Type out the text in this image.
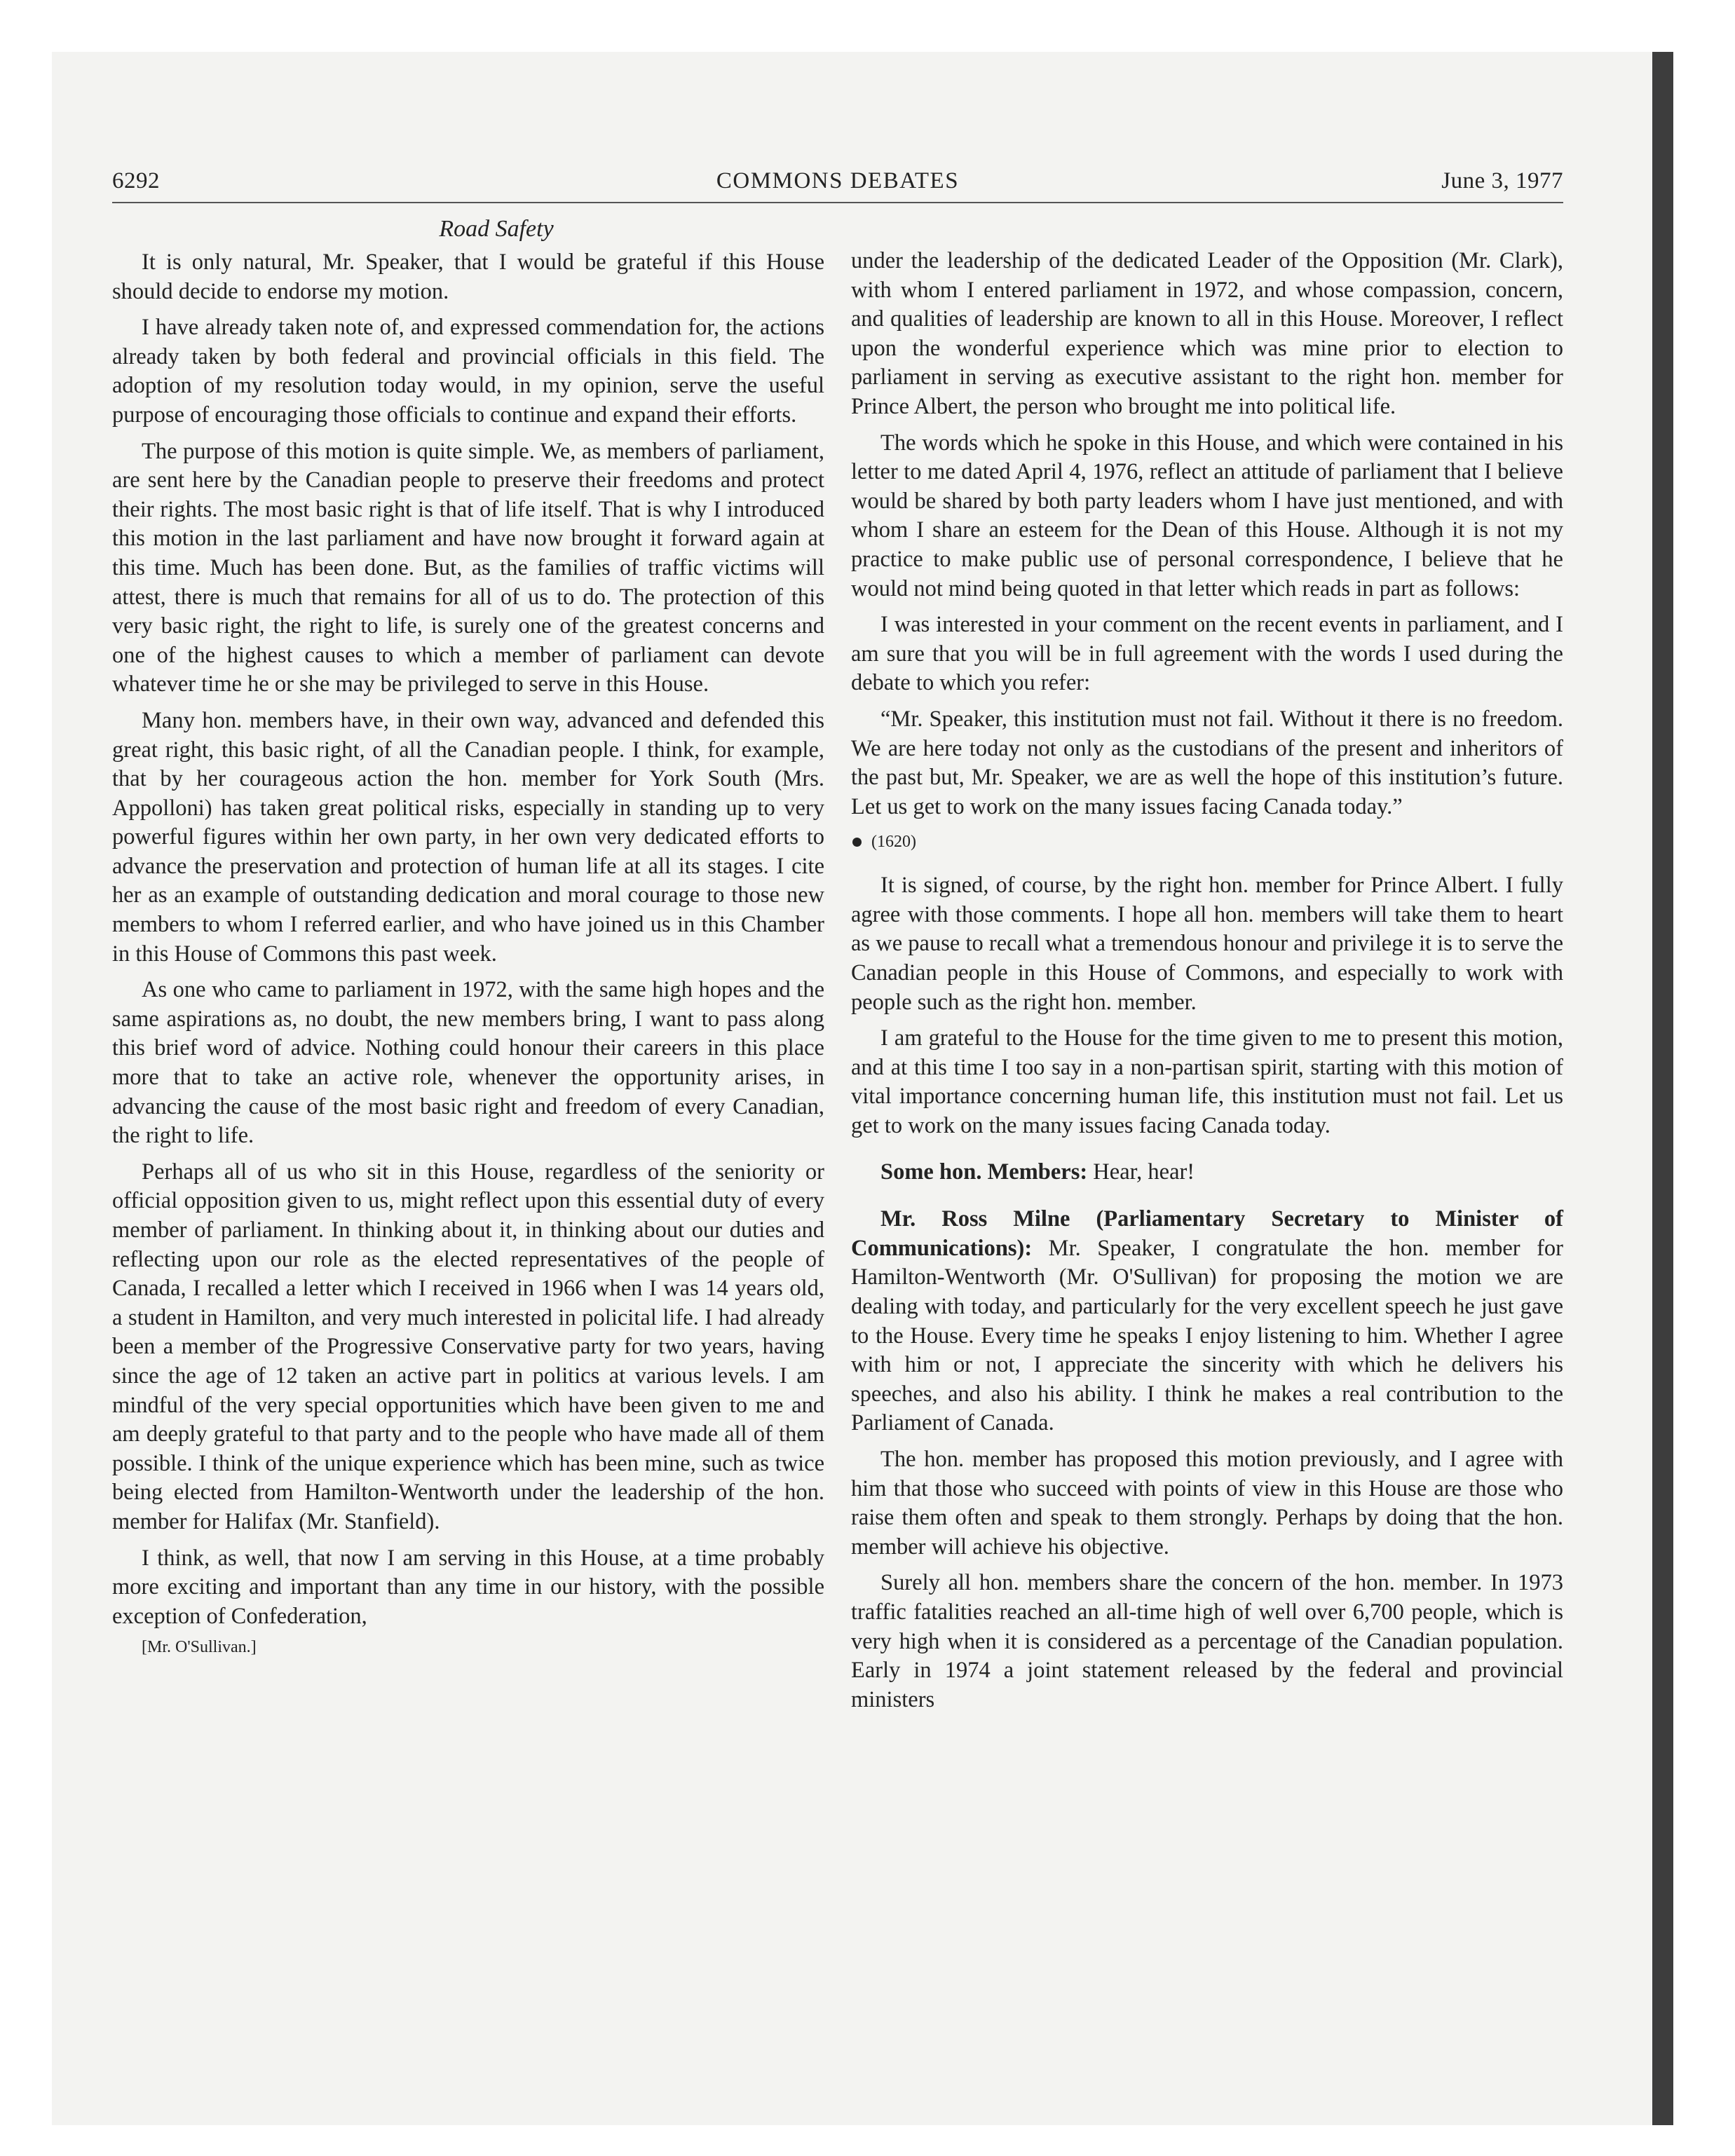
6292	COMMONS DEBATES	June 3, 1977
Road Safety

It is only natural, Mr. Speaker, that I would be grateful if this House should decide to endorse my motion.

I have already taken note of, and expressed commendation for, the actions already taken by both federal and provincial officials in this field. The adoption of my resolution today would, in my opinion, serve the useful purpose of encouraging those officials to continue and expand their efforts.

The purpose of this motion is quite simple. We, as members of parliament, are sent here by the Canadian people to preserve their freedoms and protect their rights. The most basic right is that of life itself. That is why I introduced this motion in the last parliament and have now brought it forward again at this time. Much has been done. But, as the families of traffic victims will attest, there is much that remains for all of us to do. The protection of this very basic right, the right to life, is surely one of the greatest concerns and one of the highest causes to which a member of parliament can devote whatever time he or she may be privileged to serve in this House.

Many hon. members have, in their own way, advanced and defended this great right, this basic right, of all the Canadian people. I think, for example, that by her courageous action the hon. member for York South (Mrs. Appolloni) has taken great political risks, especially in standing up to very powerful figures within her own party, in her own very dedicated efforts to advance the preservation and protection of human life at all its stages. I cite her as an example of outstanding dedication and moral courage to those new members to whom I referred earlier, and who have joined us in this Chamber in this House of Commons this past week.

As one who came to parliament in 1972, with the same high hopes and the same aspirations as, no doubt, the new members bring, I want to pass along this brief word of advice. Nothing could honour their careers in this place more that to take an active role, whenever the opportunity arises, in advancing the cause of the most basic right and freedom of every Canadian, the right to life.

Perhaps all of us who sit in this House, regardless of the seniority or official opposition given to us, might reflect upon this essential duty of every member of parliament. In thinking about it, in thinking about our duties and reflecting upon our role as the elected representatives of the people of Canada, I recalled a letter which I received in 1966 when I was 14 years old, a student in Hamilton, and very much interested in policital life. I had already been a member of the Progressive Conservative party for two years, having since the age of 12 taken an active part in politics at various levels. I am mindful of the very special opportunities which have been given to me and am deeply grateful to that party and to the people who have made all of them possible. I think of the unique experience which has been mine, such as twice being elected from Hamilton-Wentworth under the leadership of the hon. member for Halifax (Mr. Stanfield).

I think, as well, that now I am serving in this House, at a time probably more exciting and important than any time in our history, with the possible exception of Confederation,

[Mr. O'Sullivan.]

under the leadership of the dedicated Leader of the Opposition (Mr. Clark), with whom I entered parliament in 1972, and whose compassion, concern, and qualities of leadership are known to all in this House. Moreover, I reflect upon the wonderful experience which was mine prior to election to parliament in serving as executive assistant to the right hon. member for Prince Albert, the person who brought me into political life.

The words which he spoke in this House, and which were contained in his letter to me dated April 4, 1976, reflect an attitude of parliament that I believe would be shared by both party leaders whom I have just mentioned, and with whom I share an esteem for the Dean of this House. Although it is not my practice to make public use of personal correspondence, I believe that he would not mind being quoted in that letter which reads in part as follows:

I was interested in your comment on the recent events in parliament, and I am sure that you will be in full agreement with the words I used during the debate to which you refer:

“Mr. Speaker, this institution must not fail. Without it there is no freedom. We are here today not only as the custodians of the present and inheritors of the past but, Mr. Speaker, we are as well the hope of this institution’s future. Let us get to work on the many issues facing Canada today.”

(1620)

It is signed, of course, by the right hon. member for Prince Albert. I fully agree with those comments. I hope all hon. members will take them to heart as we pause to recall what a tremendous honour and privilege it is to serve the Canadian people in this House of Commons, and especially to work with people such as the right hon. member.

I am grateful to the House for the time given to me to present this motion, and at this time I too say in a non-partisan spirit, starting with this motion of vital importance concerning human life, this institution must not fail. Let us get to work on the many issues facing Canada today.

Some hon. Members: Hear, hear!

Mr. Ross Milne (Parliamentary Secretary to Minister of Communications): Mr. Speaker, I congratulate the hon. member for Hamilton-Wentworth (Mr. O'Sullivan) for proposing the motion we are dealing with today, and particularly for the very excellent speech he just gave to the House. Every time he speaks I enjoy listening to him. Whether I agree with him or not, I appreciate the sincerity with which he delivers his speeches, and also his ability. I think he makes a real contribution to the Parliament of Canada.

The hon. member has proposed this motion previously, and I agree with him that those who succeed with points of view in this House are those who raise them often and speak to them strongly. Perhaps by doing that the hon. member will achieve his objective.

Surely all hon. members share the concern of the hon. member. In 1973 traffic fatalities reached an all-time high of well over 6,700 people, which is very high when it is considered as a percentage of the Canadian population. Early in 1974 a joint statement released by the federal and provincial ministers
